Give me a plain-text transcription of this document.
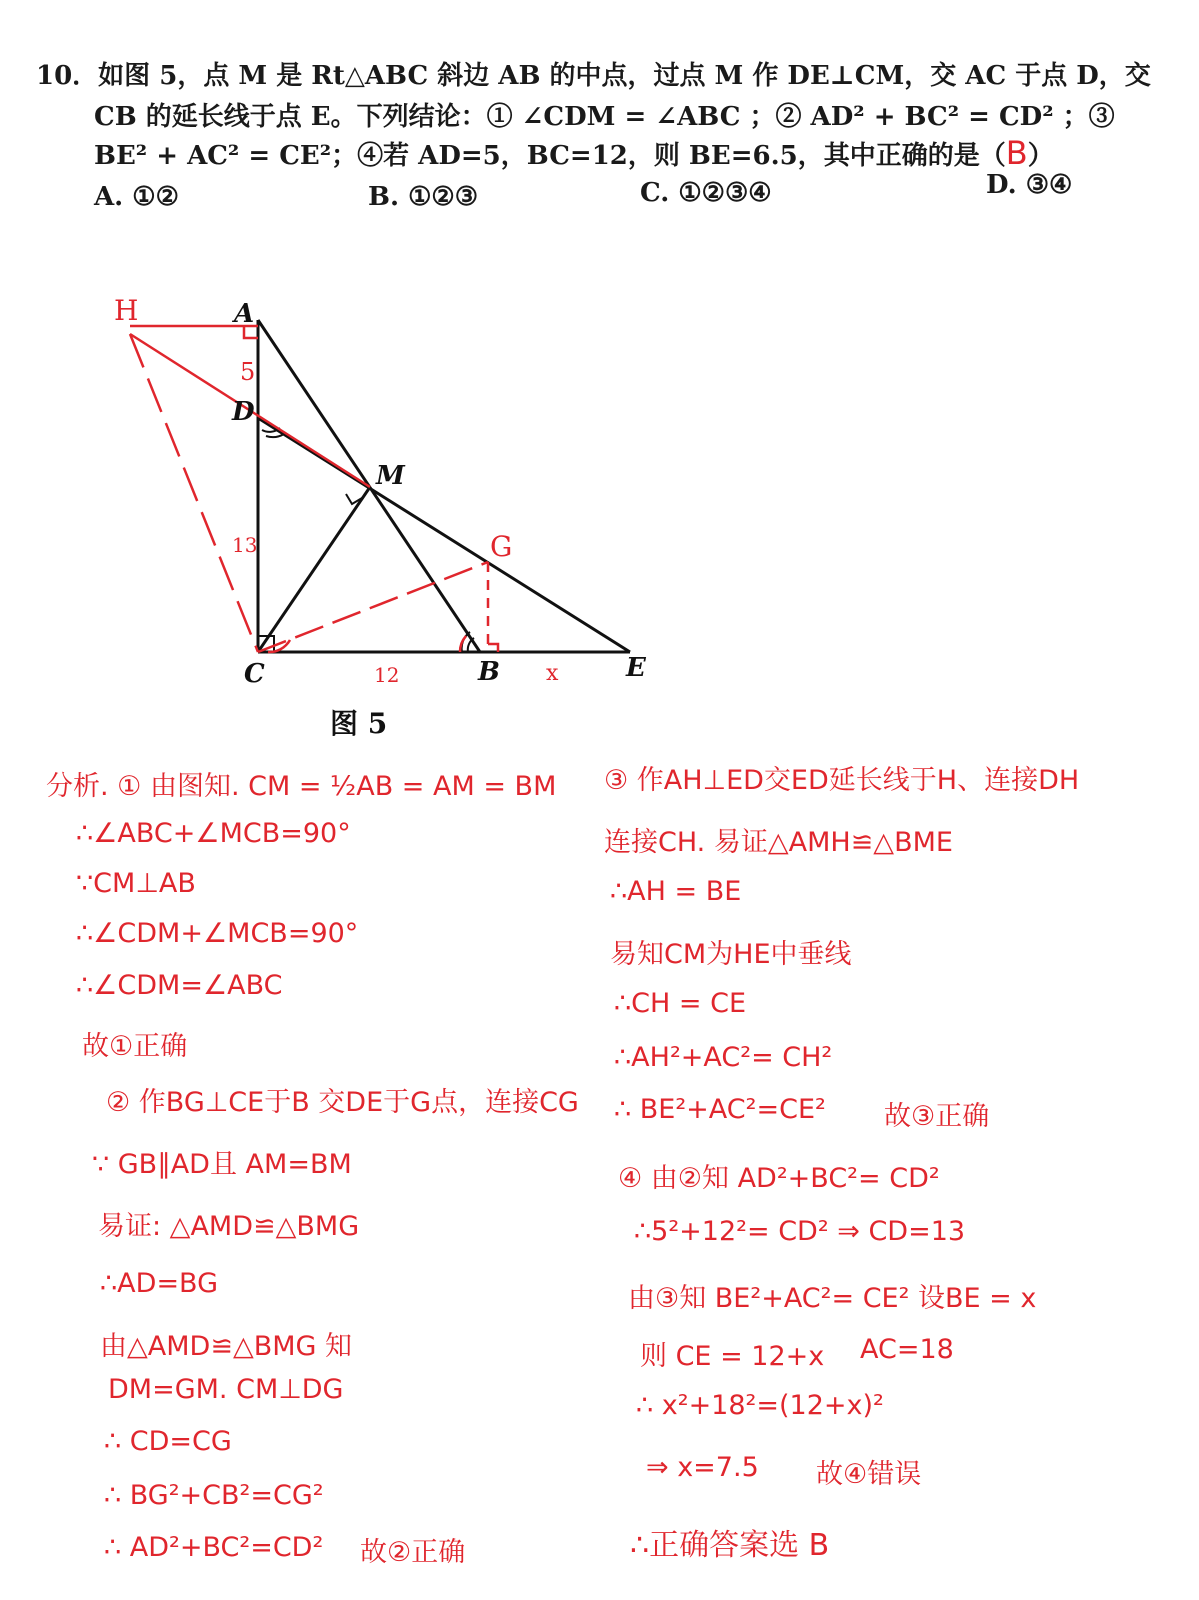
10．如图 5，点 M 是 Rt△ABC 斜边 AB 的中点，过点 M 作 DE⊥CM，交 AC 于点 D，交
CB 的延长线于点 E。下列结论：① ∠CDM = ∠ABC ；② AD² + BC² = CD² ；③
BE² + AC² = CE²；④若 AD=5，BC=12，则 BE=6.5，其中正确的是（B）
A. ①②	B. ①②③	C. ①②③④	D. ③④
A
D
M
C	B	E
H
G
5
13
12	x
图 5
分析. ① 由图知. CM = ½AB = AM = BM
∴∠ABC+∠MCB=90°
∵CM⊥AB
∴∠CDM+∠MCB=90°
∴∠CDM=∠ABC
故①正确
② 作BG⊥CE于B 交DE于G点，连接CG
∵ GB∥AD且 AM=BM
易证: △AMD≌△BMG
∴AD=BG
由△AMD≌△BMG 知
DM=GM. CM⊥DG
∴ CD=CG
∴ BG²+CB²=CG²
∴ AD²+BC²=CD² 故②正确
③ 作AH⊥ED交ED延长线于H、连接DH
连接CH. 易证△AMH≌△BME
∴AH = BE
易知CM为HE中垂线
∴CH = CE
∴AH²+AC²= CH²
∴ BE²+AC²=CE² 故③正确
④ 由②知 AD²+BC²= CD²
∴5²+12²= CD² ⇒ CD=13
由③知 BE²+AC²= CE² 设BE = x
则 CE = 12+x AC=18
∴ x²+18²=(12+x)²
⇒ x=7.5 故④错误
∴正确答案选 B
